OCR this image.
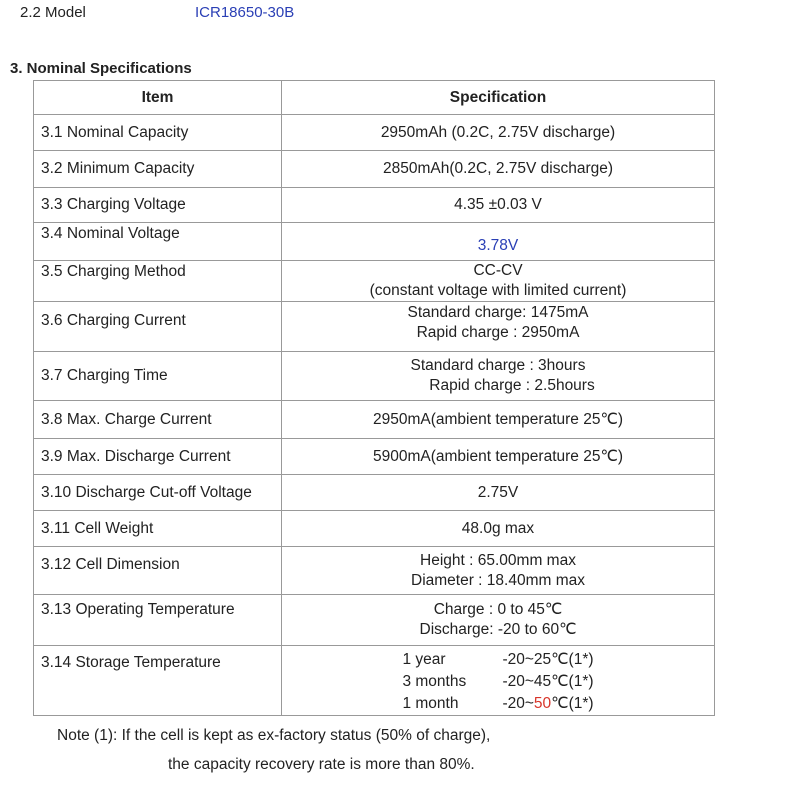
2.2 Model	ICR18650-30B
3. Nominal Specifications
Item	Specification
3.1 Nominal Capacity	2950mAh (0.2C, 2.75V discharge)
3.2 Minimum Capacity	2850mAh(0.2C, 2.75V discharge)
3.3 Charging Voltage	4.35 ±0.03 V
3.4 Nominal Voltage	3.78V
3.5 Charging Method	CC-CV
(constant voltage with limited current)

3.6 Charging Current	Standard charge: 1475mA
Rapid charge : 2950mA

3.7 Charging Time	Standard charge : 3hours
Rapid charge : 2.5hours

3.8 Max. Charge Current	2950mA(ambient temperature 25℃)
3.9 Max. Discharge Current	5900mA(ambient temperature 25℃)
3.10 Discharge Cut-off Voltage	2.75V
3.11 Cell Weight	48.0g max
3.12 Cell Dimension	Height : 65.00mm max
Diameter : 18.40mm max

3.13 Operating Temperature	Charge : 0 to 45℃
Discharge: -20 to 60℃

3.14 Storage Temperature	1 year -20~25℃(1*)
3 months -20~45℃(1*)
1 month -20~50℃(1*)
Note (1): If the cell is kept as ex-factory status (50% of charge),
the capacity recovery rate is more than 80%.
